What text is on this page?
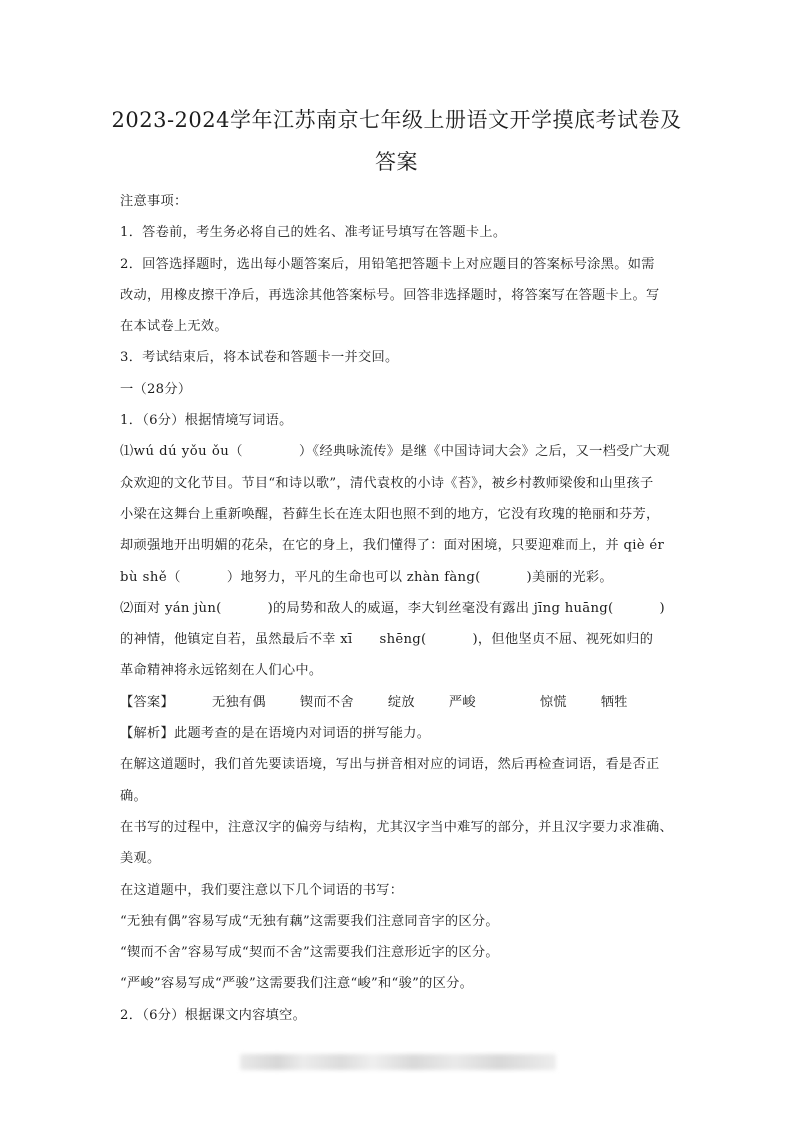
2023-2024学年江苏南京七年级上册语文开学摸底考试卷及
答案

注意事项：

1．答卷前，考生务必将自己的姓名、准考证号填写在答题卡上。

2．回答选择题时，选出每小题答案后，用铅笔把答题卡上对应题目的答案标号涂黑。如需

改动，用橡皮擦干净后，再选涂其他答案标号。回答非选择题时，将答案写在答题卡上。写

在本试卷上无效。

3．考试结束后，将本试卷和答题卡一并交回。

一（28分）

1．（6分）根据情境写词语。

⑴wú dú yǒu ǒu（	）《经典咏流传》是继《中国诗词大会》之后，又一档受广大观

众欢迎的文化节目。节目“和诗以歌”，清代袁枚的小诗《苔》，被乡村教师梁俊和山里孩子

小梁在这舞台上重新唤醒，苔藓生长在连太阳也照不到的地方，它没有玫瑰的艳丽和芬芳，

却顽强地开出明媚的花朵，在它的身上，我们懂得了：面对困境，只要迎难而上，并 qiè ér

bù shě（	）地努力，平凡的生命也可以 zhàn fàng(	)美丽的光彩。

⑵面对 yán jùn(	)的局势和敌人的威逼，李大钊丝毫没有露出 jīng huāng(	)

的神情，他镇定自若，虽然最后不幸 xī　　shēng(	)，但他坚贞不屈、视死如归的

革命精神将永远铭刻在人们心中。

【答案】	无独有偶	锲而不舍	绽放	严峻	惊慌	牺牲

【解析】此题考查的是在语境内对词语的拼写能力。

在解这道题时，我们首先要读语境，写出与拼音相对应的词语，然后再检查词语，看是否正

确。

在书写的过程中，注意汉字的偏旁与结构，尤其汉字当中难写的部分，并且汉字要力求准确、

美观。

在这道题中，我们要注意以下几个词语的书写：

“无独有偶”容易写成“无独有藕”这需要我们注意同音字的区分。

“锲而不舍”容易写成“契而不舍”这需要我们注意形近字的区分。

“严峻”容易写成“严骏”这需要我们注意“峻”和“骏”的区分。

2．（6分）根据课文内容填空。
